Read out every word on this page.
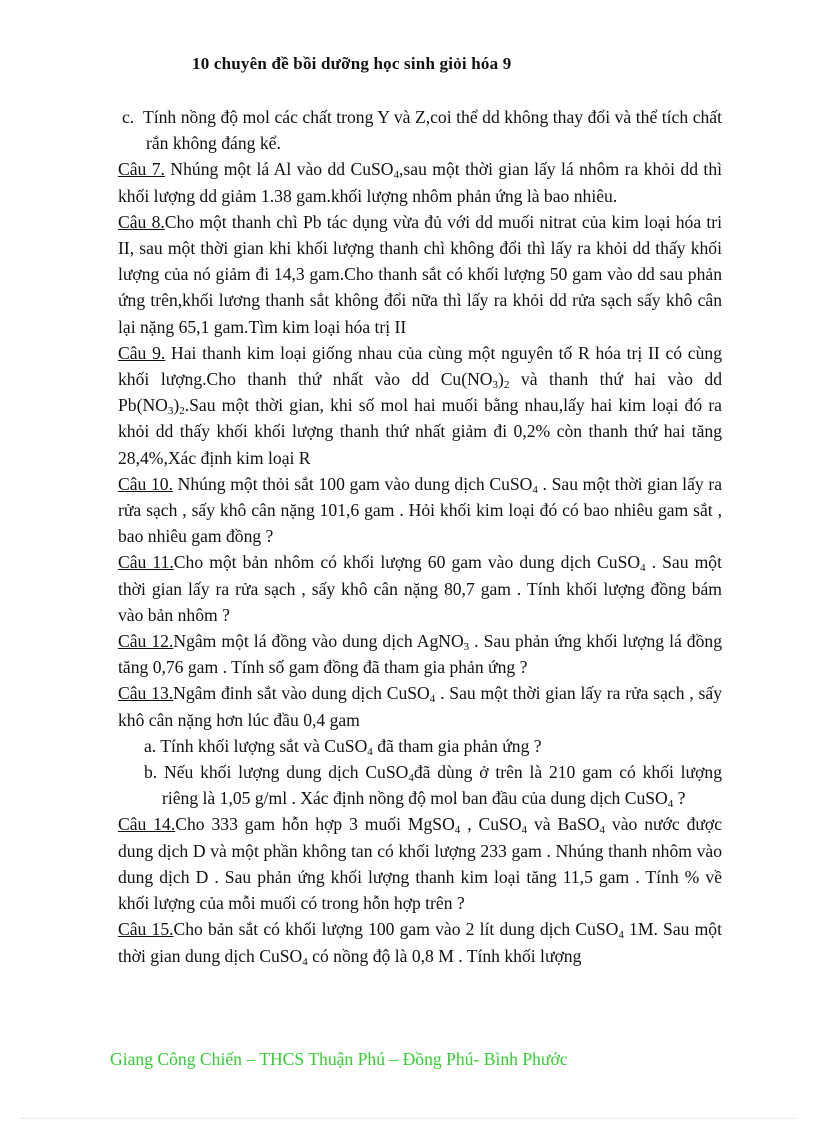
10 chuyên đề bồi dưỡng học sinh giỏi hóa 9

c. Tính nồng độ mol các chất trong Y và Z,coi thể dd không thay đổi và thể tích chất rắn không đáng kể.

Câu 7. Nhúng một lá Al vào dd CuSO$_4$,sau một thời gian lấy lá nhôm ra khỏi dd thì khối lượng dd giảm 1.38 gam.khối lượng nhôm phản ứng là bao nhiêu.

Câu 8.Cho một thanh chì Pb tác dụng vừa đủ với dd muối nitrat của kim loại hóa tri II, sau một thời gian khi khối lượng thanh chì không đổi thì lấy ra khỏi dd thấy khối lượng của nó giảm đi 14,3 gam.Cho thanh sắt có khối lượng 50 gam vào dd sau phản ứng trên,khối lương thanh sắt không đổi nữa thì lấy ra khỏi dd rửa sạch sấy khô cân lại nặng 65,1 gam.Tìm kim loại hóa trị II

Câu 9. Hai thanh kim loại giống nhau của cùng một nguyên tố R hóa trị II có cùng khối lượng.Cho thanh thứ nhất vào dd $Cu(NO_3)_2$ và thanh thứ hai vào dd $Pb(NO_3)_2.Sau$ một thời gian, khi số mol hai muối bằng nhau,lấy hai kim loại đó ra khỏi dd thấy khối khối lượng thanh thứ nhất giảm đi 0,2% còn thanh thứ hai tăng 28,4%,Xác định kim loại R

Câu 10. Nhúng một thỏi sắt 100 gam vào dung dịch CuSO$_4$ . Sau một thời gian lấy ra rửa sạch , sấy khô cân nặng 101,6 gam . Hỏi khối kim loại đó có bao nhiêu gam sắt , bao nhiêu gam đồng ?

Câu 11.Cho một bản nhôm có khối lượng 60 gam vào dung dịch CuSO$_4$ . Sau một thời gian lấy ra rửa sạch , sấy khô cân nặng 80,7 gam . Tính khối lượng đồng bám vào bản nhôm ?

Câu 12.Ngâm một lá đồng vào dung dịch AgNO$_3$ . Sau phản ứng khối lượng lá đồng tăng 0,76 gam . Tính số gam đồng đã tham gia phản ứng ?

Câu 13.Ngâm đinh sắt vào dung dịch CuSO$_4$ . Sau một thời gian lấy ra rửa sạch , sấy khô cân nặng hơn lúc đầu 0,4 gam

a. Tính khối lượng sắt và CuSO$_4$ đã tham gia phản ứng ?

b. Nếu khối lượng dung dịch CuSO$_4$đã dùng ở trên là 210 gam có khối lượng riêng là 1,05 g/ml . Xác định nồng độ mol ban đầu của dung dịch CuSO$_4$ ?

Câu 14.Cho 333 gam hỗn hợp 3 muối MgSO$_4$ , CuSO$_4$ và BaSO$_4$ vào nước được dung dịch D và một phần không tan có khối lượng 233 gam . Nhúng thanh nhôm vào dung dịch D . Sau phản ứng khối lượng thanh kim loại tăng 11,5 gam . Tính % về khối lượng của mỗi muối có trong hỗn hợp trên ?

Câu 15.Cho bản sắt có khối lượng 100 gam vào 2 lít dung dịch CuSO$_4$ 1M. Sau một thời gian dung dịch CuSO$_4$ có nồng độ là 0,8 M . Tính khối lượng

Giang Công Chiến – THCS Thuận Phú – Đồng Phú- Bình Phước
